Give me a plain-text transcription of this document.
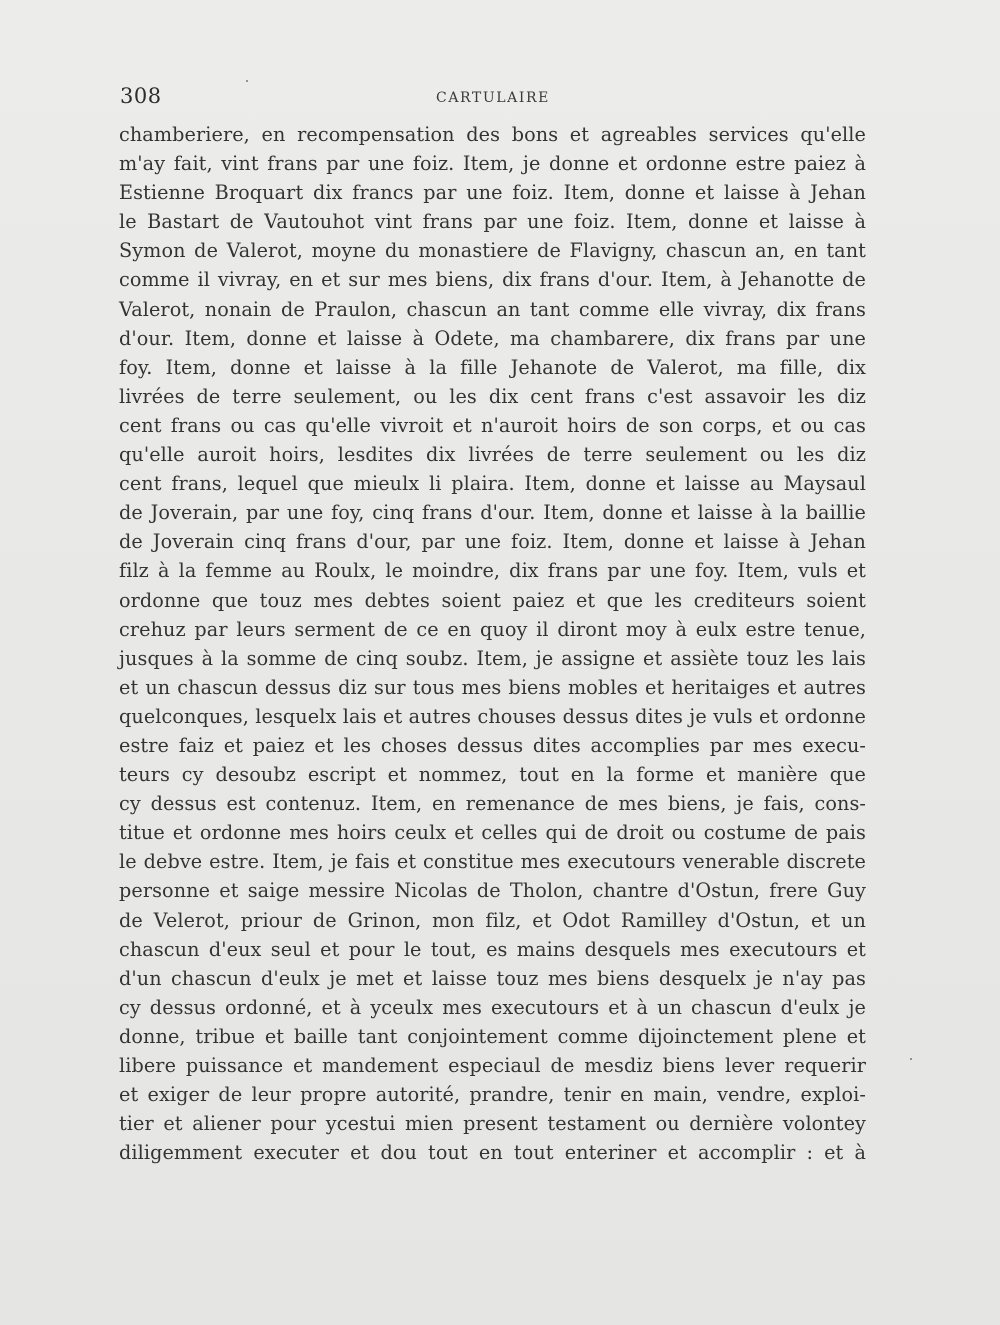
308	CARTULAIRE
chamberiere, en recompensation des bons et agreables services qu'elle
m'ay fait, vint frans par une foiz. Item, je donne et ordonne estre paiez à
Estienne Broquart dix francs par une foiz. Item, donne et laisse à Jehan
le Bastart de Vautouhot vint frans par une foiz. Item, donne et laisse à
Symon de Valerot, moyne du monastiere de Flavigny, chascun an, en tant
comme il vivray, en et sur mes biens, dix frans d'our. Item, à Jehanotte de
Valerot, nonain de Praulon, chascun an tant comme elle vivray, dix frans
d'our. Item, donne et laisse à Odete, ma chambarere, dix frans par une
foy. Item, donne et laisse à la fille Jehanote de Valerot, ma fille, dix
livrées de terre seulement, ou les dix cent frans c'est assavoir les diz
cent frans ou cas qu'elle vivroit et n'auroit hoirs de son corps, et ou cas
qu'elle auroit hoirs, lesdites dix livrées de terre seulement ou les diz
cent frans, lequel que mieulx li plaira. Item, donne et laisse au Maysaul
de Joverain, par une foy, cinq frans d'our. Item, donne et laisse à la baillie
de Joverain cinq frans d'our, par une foiz. Item, donne et laisse à Jehan
filz à la femme au Roulx, le moindre, dix frans par une foy. Item, vuls et
ordonne que touz mes debtes soient paiez et que les crediteurs soient
crehuz par leurs serment de ce en quoy il diront moy à eulx estre tenue,
jusques à la somme de cinq soubz. Item, je assigne et assiète touz les lais
et un chascun dessus diz sur tous mes biens mobles et heritaiges et autres
quelconques, lesquelx lais et autres chouses dessus dites je vuls et ordonne
estre faiz et paiez et les choses dessus dites accomplies par mes execu-
teurs cy desoubz escript et nommez, tout en la forme et manière que
cy dessus est contenuz. Item, en remenance de mes biens, je fais, cons-
titue et ordonne mes hoirs ceulx et celles qui de droit ou costume de pais
le debve estre. Item, je fais et constitue mes executours venerable discrete
personne et saige messire Nicolas de Tholon, chantre d'Ostun, frere Guy
de Velerot, priour de Grinon, mon filz, et Odot Ramilley d'Ostun, et un
chascun d'eux seul et pour le tout, es mains desquels mes executours et
d'un chascun d'eulx je met et laisse touz mes biens desquelx je n'ay pas
cy dessus ordonné, et à yceulx mes executours et à un chascun d'eulx je
donne, tribue et baille tant conjointement comme dijoinctement plene et
libere puissance et mandement especiaul de mesdiz biens lever requerir
et exiger de leur propre autorité, prandre, tenir en main, vendre, exploi-
tier et aliener pour ycestui mien present testament ou dernière volontey
diligemment executer et dou tout en tout enteriner et accomplir : et à
